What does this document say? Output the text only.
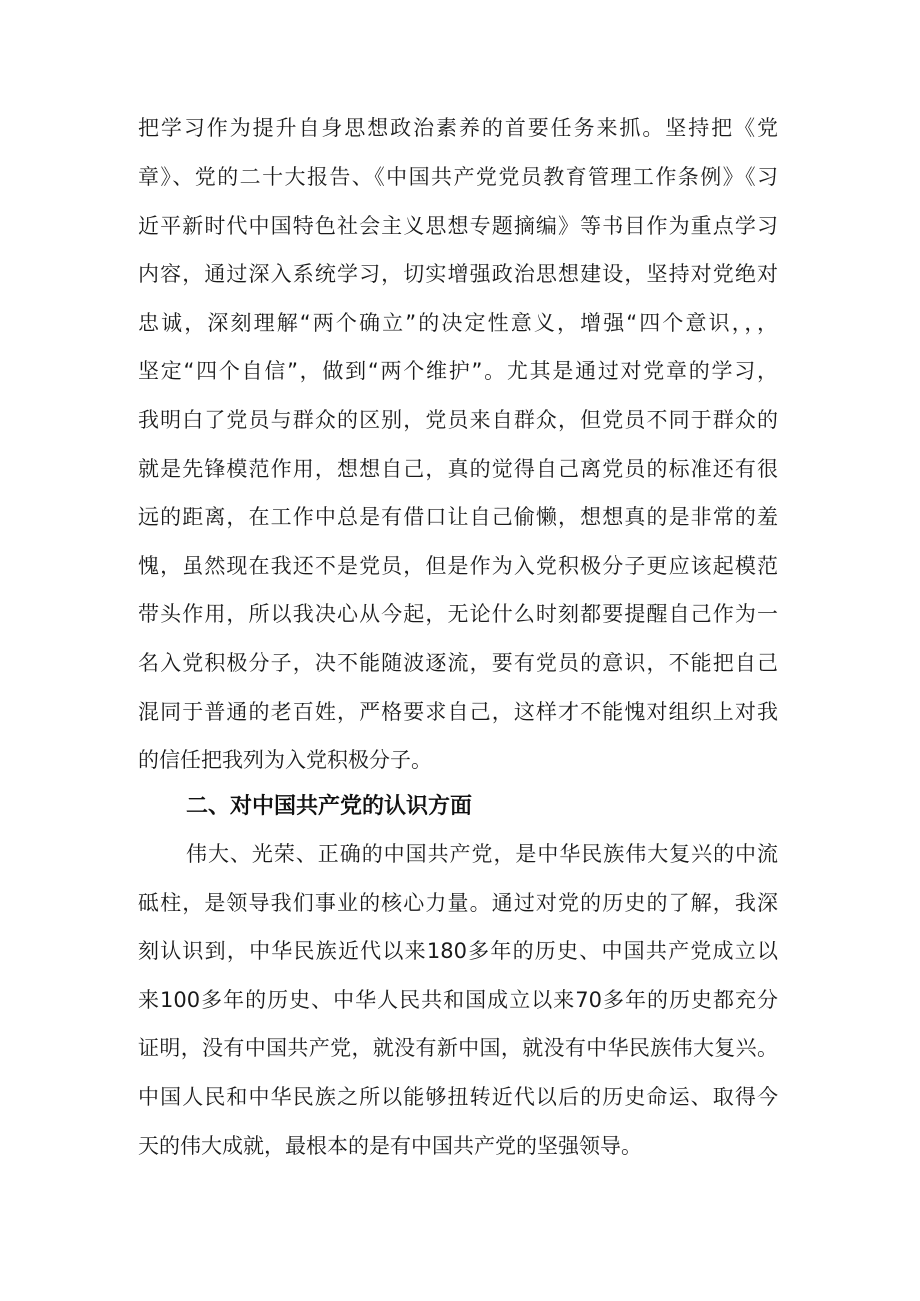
把学习作为提升自身思想政治素养的首要任务来抓。坚持把《党
章》、党的二十大报告、《中国共产党党员教育管理工作条例》《习
近平新时代中国特色社会主义思想专题摘编》等书目作为重点学习
内容，通过深入系统学习，切实增强政治思想建设，坚持对党绝对
忠诚，深刻理解“两个确立”的决定性意义，增强“四个意识，，，
坚定“四个自信”，做到“两个维护”。尤其是通过对党章的学习，
我明白了党员与群众的区别，党员来自群众，但党员不同于群众的
就是先锋模范作用，想想自己，真的觉得自己离党员的标准还有很
远的距离，在工作中总是有借口让自己偷懒，想想真的是非常的羞
愧，虽然现在我还不是党员，但是作为入党积极分子更应该起模范
带头作用，所以我决心从今起，无论什么时刻都要提醒自己作为一
名入党积极分子，决不能随波逐流，要有党员的意识，不能把自己
混同于普通的老百姓，严格要求自己，这样才不能愧对组织上对我
的信任把我列为入党积极分子。
二、对中国共产党的认识方面
伟大、光荣、正确的中国共产党，是中华民族伟大复兴的中流
砥柱，是领导我们事业的核心力量。通过对党的历史的了解，我深
刻认识到，中华民族近代以来180多年的历史、中国共产党成立以
来100多年的历史、中华人民共和国成立以来70多年的历史都充分
证明，没有中国共产党，就没有新中国，就没有中华民族伟大复兴。
中国人民和中华民族之所以能够扭转近代以后的历史命运、取得今
天的伟大成就，最根本的是有中国共产党的坚强领导。
